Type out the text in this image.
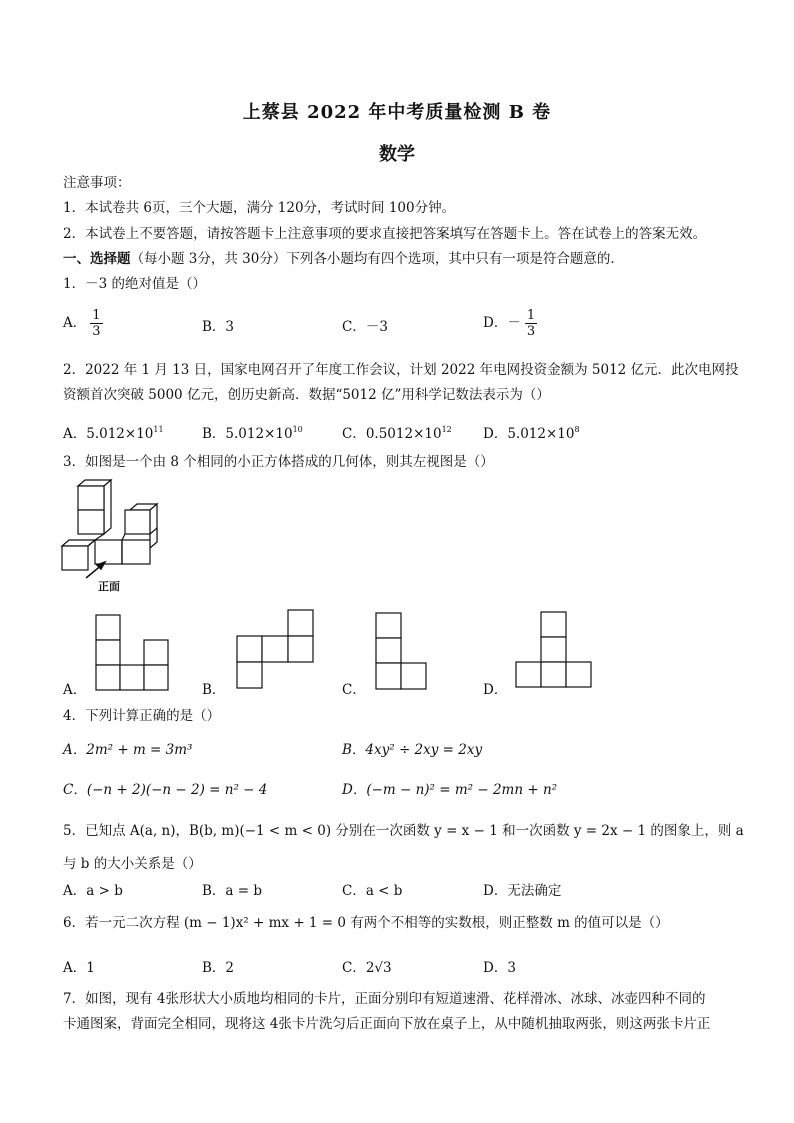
上蔡县 2022 年中考质量检测 B 卷
数学
注意事项：
1．本试卷共 6页，三个大题，满分 120分，考试时间 100分钟。
2．本试卷上不要答题，请按答题卡上注意事项的要求直接把答案填写在答题卡上。答在试卷上的答案无效。
一、选择题（每小题 3分，共 30分）下列各小题均有四个选项，其中只有一项是符合题意的．
1．－3 的绝对值是（）
A． $\frac{1}{3}$	B．3	C．－3	D．－ $\frac{1}{3}$
2．2022 年 1 月 13 日，国家电网召开了年度工作会议，计划 2022 年电网投资金额为 5012 亿元．此次电网投
资额首次突破 5000 亿元，创历史新高．数据“5012 亿”用科学记数法表示为（）
A．$5.012\times 10^{11}$	B．$5.012\times 10^{10}$	C．$0.5012\times 10^{12}$ D．$5.012\times 10^8$
3．如图是一个由 8 个相同的小正方体搭成的几何体，则其左视图是（）
正面
A．	B．	C．	D．
4．下列计算正确的是（）
A．2m² + m = 3m³	B．4xy² ÷ 2xy = 2xy
C．(−n + 2)(−n − 2) = n² − 4	D．(−m − n)² = m² − 2mn + n²
5．已知点 A(a, n)，B(b, m)(−1 < m < 0) 分别在一次函数 y = x − 1 和一次函数 y = 2x − 1 的图象上，则 a
与 b 的大小关系是（）
A．a > b	B．a = b	C．a < b	D．无法确定
6．若一元二次方程 (m − 1)x² + mx + 1 = 0 有两个不相等的实数根，则正整数 m 的值可以是（）
A．1	B．2	C．2√3	D．3
7．如图，现有 4张形状大小质地均相同的卡片，正面分别印有短道速滑、花样滑冰、冰球、冰壶四种不同的
卡通图案，背面完全相同，现将这 4张卡片洗匀后正面向下放在桌子上，从中随机抽取两张，则这两张卡片正
